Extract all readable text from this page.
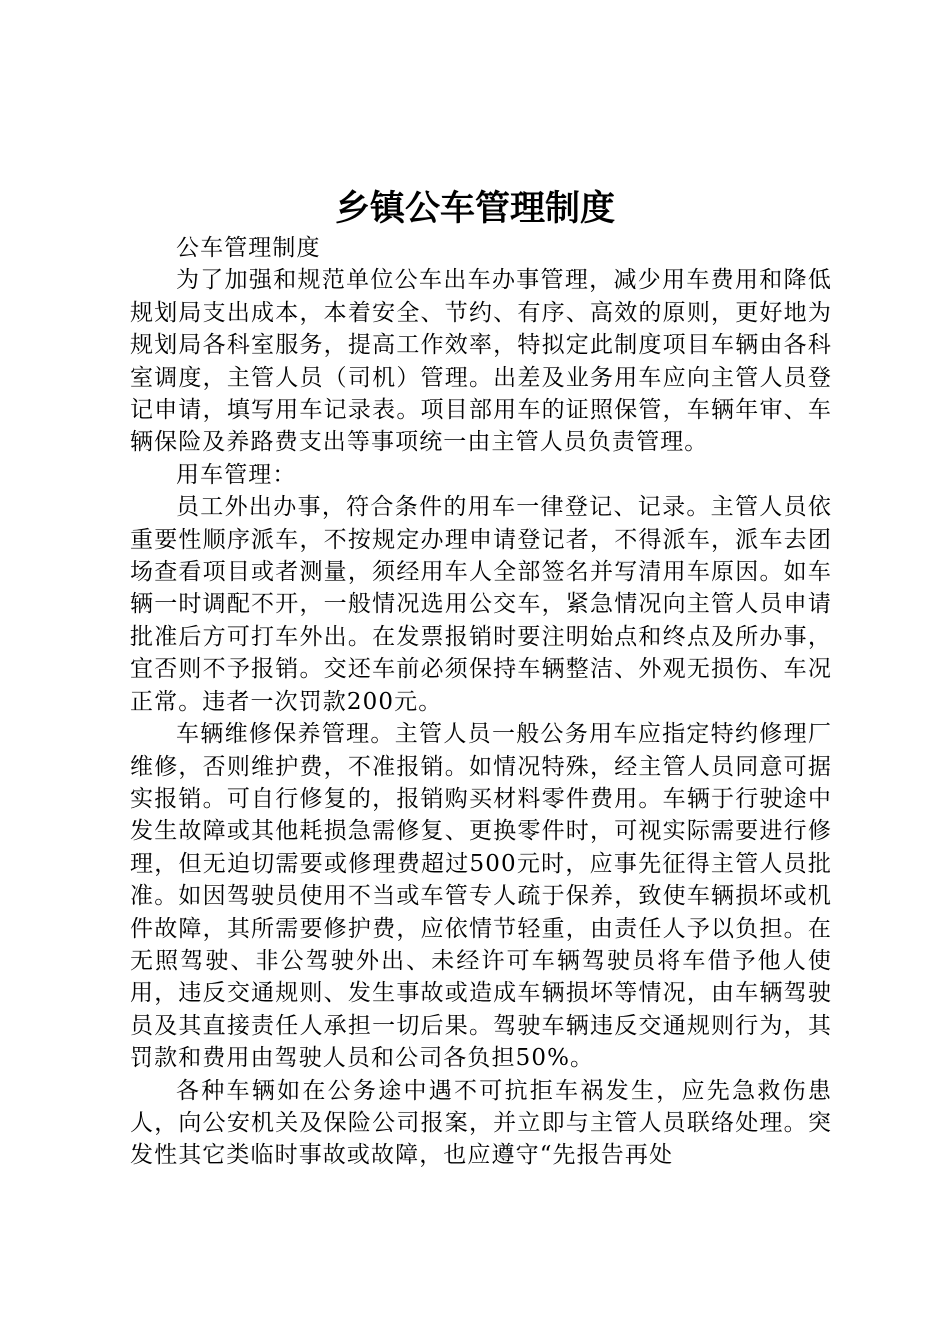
乡镇公车管理制度

公车管理制度

为了加强和规范单位公车出车办事管理，减少用车费用和降低规划局支出成本，本着安全、节约、有序、高效的原则，更好地为规划局各科室服务，提高工作效率，特拟定此制度项目车辆由各科室调度，主管人员（司机）管理。出差及业务用车应向主管人员登记申请，填写用车记录表。项目部用车的证照保管，车辆年审、车辆保险及养路费支出等事项统一由主管人员负责管理。

用车管理：

员工外出办事，符合条件的用车一律登记、记录。主管人员依重要性顺序派车，不按规定办理申请登记者，不得派车，派车去团场查看项目或者测量，须经用车人全部签名并写清用车原因。如车辆一时调配不开，一般情况选用公交车，紧急情况向主管人员申请批准后方可打车外出。在发票报销时要注明始点和终点及所办事，宜否则不予报销。交还车前必须保持车辆整洁、外观无损伤、车况正常。违者一次罚款200元。

车辆维修保养管理。主管人员一般公务用车应指定特约修理厂维修，否则维护费，不准报销。如情况特殊，经主管人员同意可据实报销。可自行修复的，报销购买材料零件费用。车辆于行驶途中发生故障或其他耗损急需修复、更换零件时，可视实际需要进行修理，但无迫切需要或修理费超过500元时，应事先征得主管人员批准。如因驾驶员使用不当或车管专人疏于保养，致使车辆损坏或机件故障，其所需要修护费，应依情节轻重，由责任人予以负担。在无照驾驶、非公驾驶外出、未经许可车辆驾驶员将车借予他人使用，违反交通规则、发生事故或造成车辆损坏等情况，由车辆驾驶员及其直接责任人承担一切后果。驾驶车辆违反交通规则行为，其罚款和费用由驾驶人员和公司各负担50%。

各种车辆如在公务途中遇不可抗拒车祸发生，应先急救伤患人，向公安机关及保险公司报案，并立即与主管人员联络处理。突发性其它类临时事故或故障，也应遵守“先报告再处
